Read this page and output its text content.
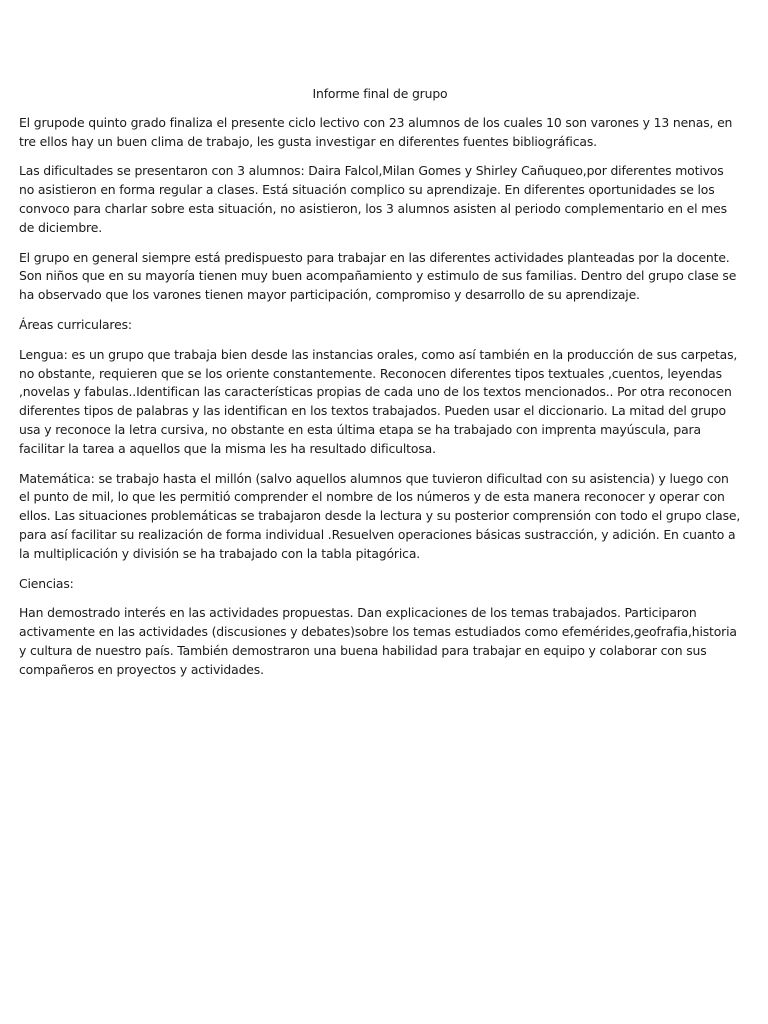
Informe final de grupo

El grupode quinto grado finaliza el presente ciclo lectivo con 23 alumnos de los cuales 10 son varones y 13 nenas, en tre ellos hay un buen clima de trabajo, les gusta investigar en diferentes fuentes bibliográficas.

Las dificultades se presentaron con 3 alumnos: Daira Falcol,Milan Gomes y Shirley Cañuqueo,por diferentes motivos no asistieron en forma regular a clases. Está situación complico su aprendizaje. En diferentes oportunidades se los convoco para charlar sobre esta situación, no asistieron, los 3 alumnos asisten al periodo complementario en el mes de diciembre.

El grupo en general siempre está predispuesto para trabajar en las diferentes actividades planteadas por la docente. Son niños que en su mayoría tienen muy buen acompañamiento y estimulo de sus familias. Dentro del grupo clase se ha observado que los varones tienen mayor participación, compromiso y desarrollo de su aprendizaje.

Áreas curriculares:

Lengua: es un grupo que trabaja bien desde las instancias orales, como así también en la producción de sus carpetas, no obstante, requieren que se los oriente constantemente. Reconocen diferentes tipos textuales ,cuentos, leyendas ,novelas y fabulas..Identifican las características propias de cada uno de los textos mencionados.. Por otra reconocen diferentes tipos de palabras y las identifican en los textos trabajados. Pueden usar el diccionario. La mitad del grupo usa y reconoce la letra cursiva, no obstante en esta última etapa se ha trabajado con imprenta mayúscula, para facilitar la tarea a aquellos que la misma les ha resultado dificultosa.

Matemática: se trabajo hasta el millón (salvo aquellos alumnos que tuvieron dificultad con su asistencia) y luego con el punto de mil, lo que les permitió comprender el nombre de los números y de esta manera reconocer y operar con ellos. Las situaciones problemáticas se trabajaron desde la lectura y su posterior comprensión con todo el grupo clase, para así facilitar su realización de forma individual .Resuelven operaciones básicas sustracción, y adición. En cuanto a la multiplicación y división se ha trabajado con la tabla pitagórica.

Ciencias:

Han demostrado interés en las actividades propuestas. Dan explicaciones de los temas trabajados. Participaron activamente en las actividades (discusiones y debates)sobre los temas estudiados como efemérides,geofrafia,historia y cultura de nuestro país. También demostraron una buena habilidad para trabajar en equipo y colaborar con sus compañeros en proyectos y actividades.
